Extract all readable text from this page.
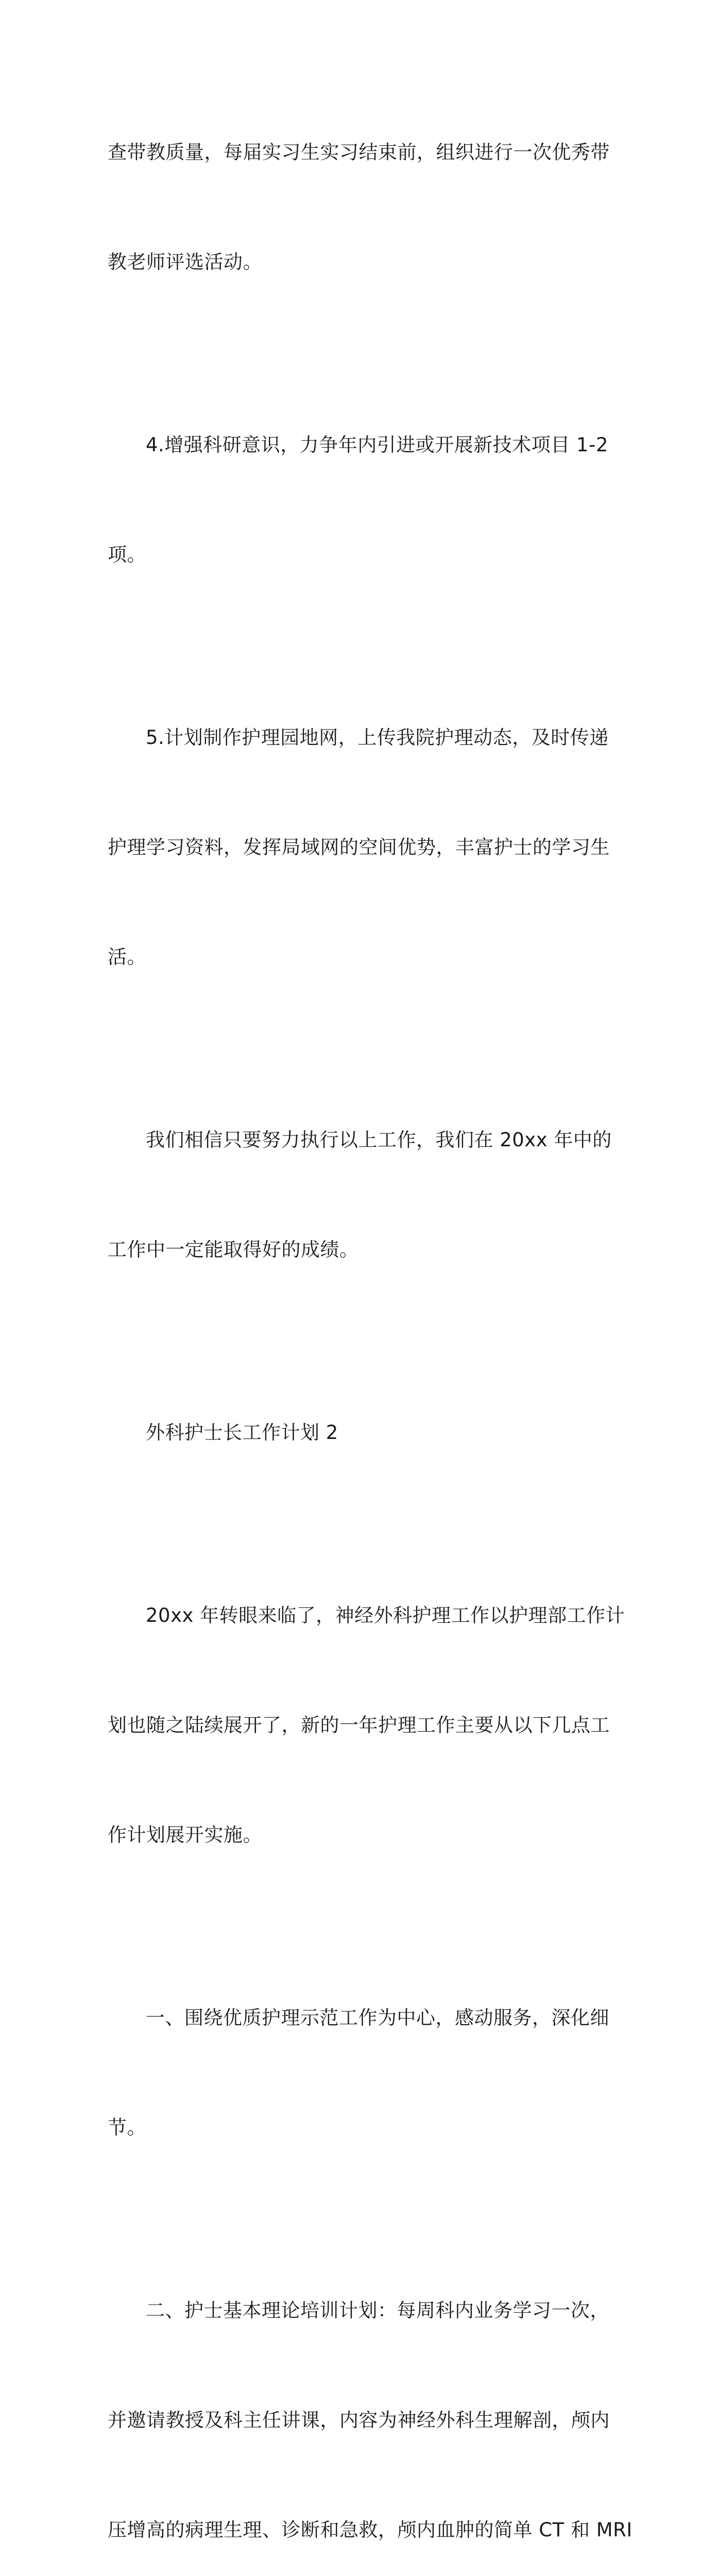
查带教质量，每届实习生实习结束前，组织进行一次优秀带

教老师评选活动。

4.增强科研意识，力争年内引进或开展新技术项目 1-2

项。

5.计划制作护理园地网，上传我院护理动态，及时传递

护理学习资料，发挥局域网的空间优势，丰富护士的学习生

活。

我们相信只要努力执行以上工作，我们在 20xx 年中的

工作中一定能取得好的成绩。

外科护士长工作计划 2

20xx 年转眼来临了，神经外科护理工作以护理部工作计

划也随之陆续展开了，新的一年护理工作主要从以下几点工

作计划展开实施。

一、围绕优质护理示范工作为中心，感动服务，深化细

节。

二、护士基本理论培训计划：每周科内业务学习一次，

并邀请教授及科主任讲课，内容为神经外科生理解剖，颅内

压增高的病理生理、诊断和急救，颅内血肿的简单 CT 和 MRI
